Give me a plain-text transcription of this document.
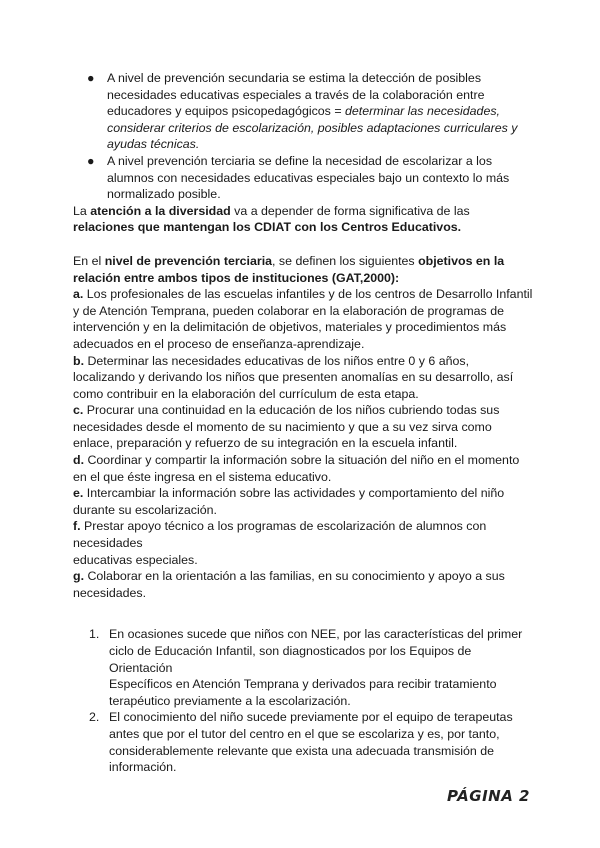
● A nivel de prevención secundaria se estima la detección de posibles necesidades educativas especiales a través de la colaboración entre educadores y equipos psicopedagógicos = determinar las necesidades, considerar criterios de escolarización, posibles adaptaciones curriculares y ayudas técnicas.
● A nivel prevención terciaria se define la necesidad de escolarizar a los alumnos con necesidades educativas especiales bajo un contexto lo más normalizado posible.

La atención a la diversidad va a depender de forma significativa de las relaciones que mantengan los CDIAT con los Centros Educativos.

En el nivel de prevención terciaria, se definen los siguientes objetivos en la relación entre ambos tipos de instituciones (GAT,2000):

a. Los profesionales de las escuelas infantiles y de los centros de Desarrollo Infantil y de Atención Temprana, pueden colaborar en la elaboración de programas de intervención y en la delimitación de objetivos, materiales y procedimientos más adecuados en el proceso de enseñanza-aprendizaje.

b. Determinar las necesidades educativas de los niños entre 0 y 6 años, localizando y derivando los niños que presenten anomalías en su desarrollo, así como contribuir en la elaboración del currículum de esta etapa.

c. Procurar una continuidad en la educación de los niños cubriendo todas sus necesidades desde el momento de su nacimiento y que a su vez sirva como enlace, preparación y refuerzo de su integración en la escuela infantil.

d. Coordinar y compartir la información sobre la situación del niño en el momento en el que éste ingresa en el sistema educativo.

e. Intercambiar la información sobre las actividades y comportamiento del niño durante su escolarización.

f. Prestar apoyo técnico a los programas de escolarización de alumnos con necesidades

educativas especiales.

g. Colaborar en la orientación a las familias, en su conocimiento y apoyo a sus necesidades.

1. En ocasiones sucede que niños con NEE, por las características del primer ciclo de Educación Infantil, son diagnosticados por los Equipos de Orientación
Específicos en Atención Temprana y derivados para recibir tratamiento terapéutico previamente a la escolarización.
2. El conocimiento del niño sucede previamente por el equipo de terapeutas antes que por el tutor del centro en el que se escolariza y es, por tanto, considerablemente relevante que exista una adecuada transmisión de información.
PÁGINA 2
